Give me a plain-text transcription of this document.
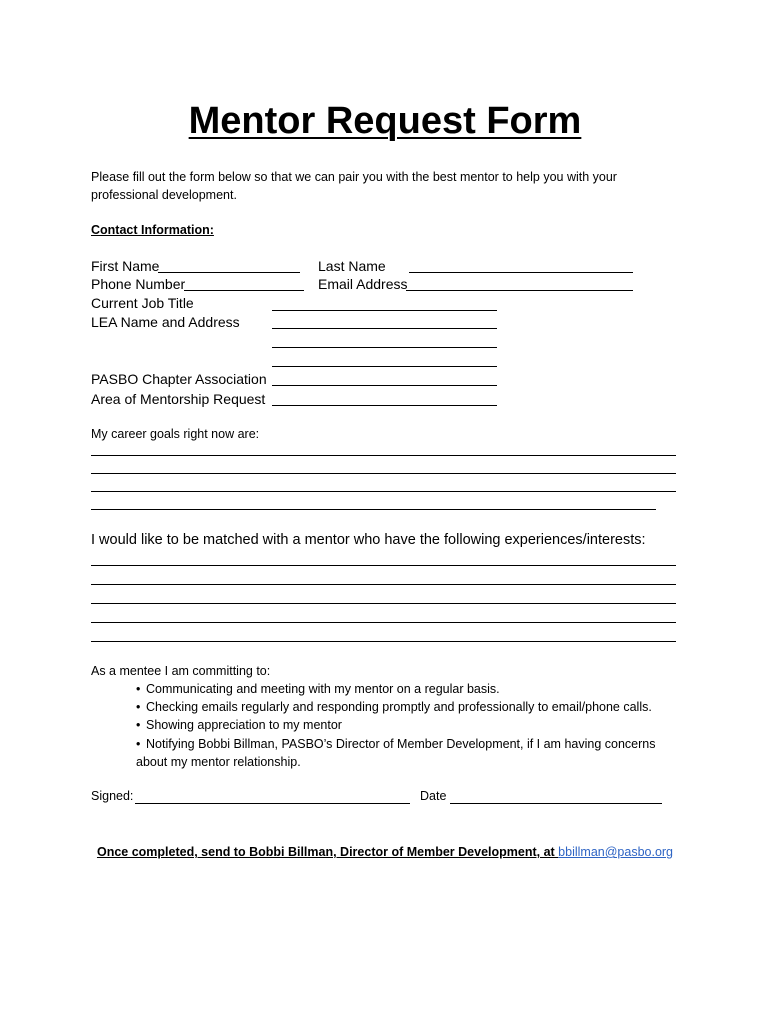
Mentor Request Form
Please fill out the form below so that we can pair you with the best mentor to help you with your
professional development.
Contact Information:
First Name	Last Name
Phone Number	Email Address
Current Job Title
LEA Name and Address
PASBO Chapter Association
Area of Mentorship Request
My career goals right now are:
I would like to be matched with a mentor who have the following experiences/interests:
As a mentee I am committing to:
• Communicating and meeting with my mentor on a regular basis.
• Checking emails regularly and responding promptly and professionally to email/phone calls.
• Showing appreciation to my mentor
• Notifying Bobbi Billman, PASBO’s Director of Member Development, if I am having concerns
about my mentor relationship.
Signed:	Date
Once completed, send to Bobbi Billman, Director of Member Development, at bbillman@pasbo.org
